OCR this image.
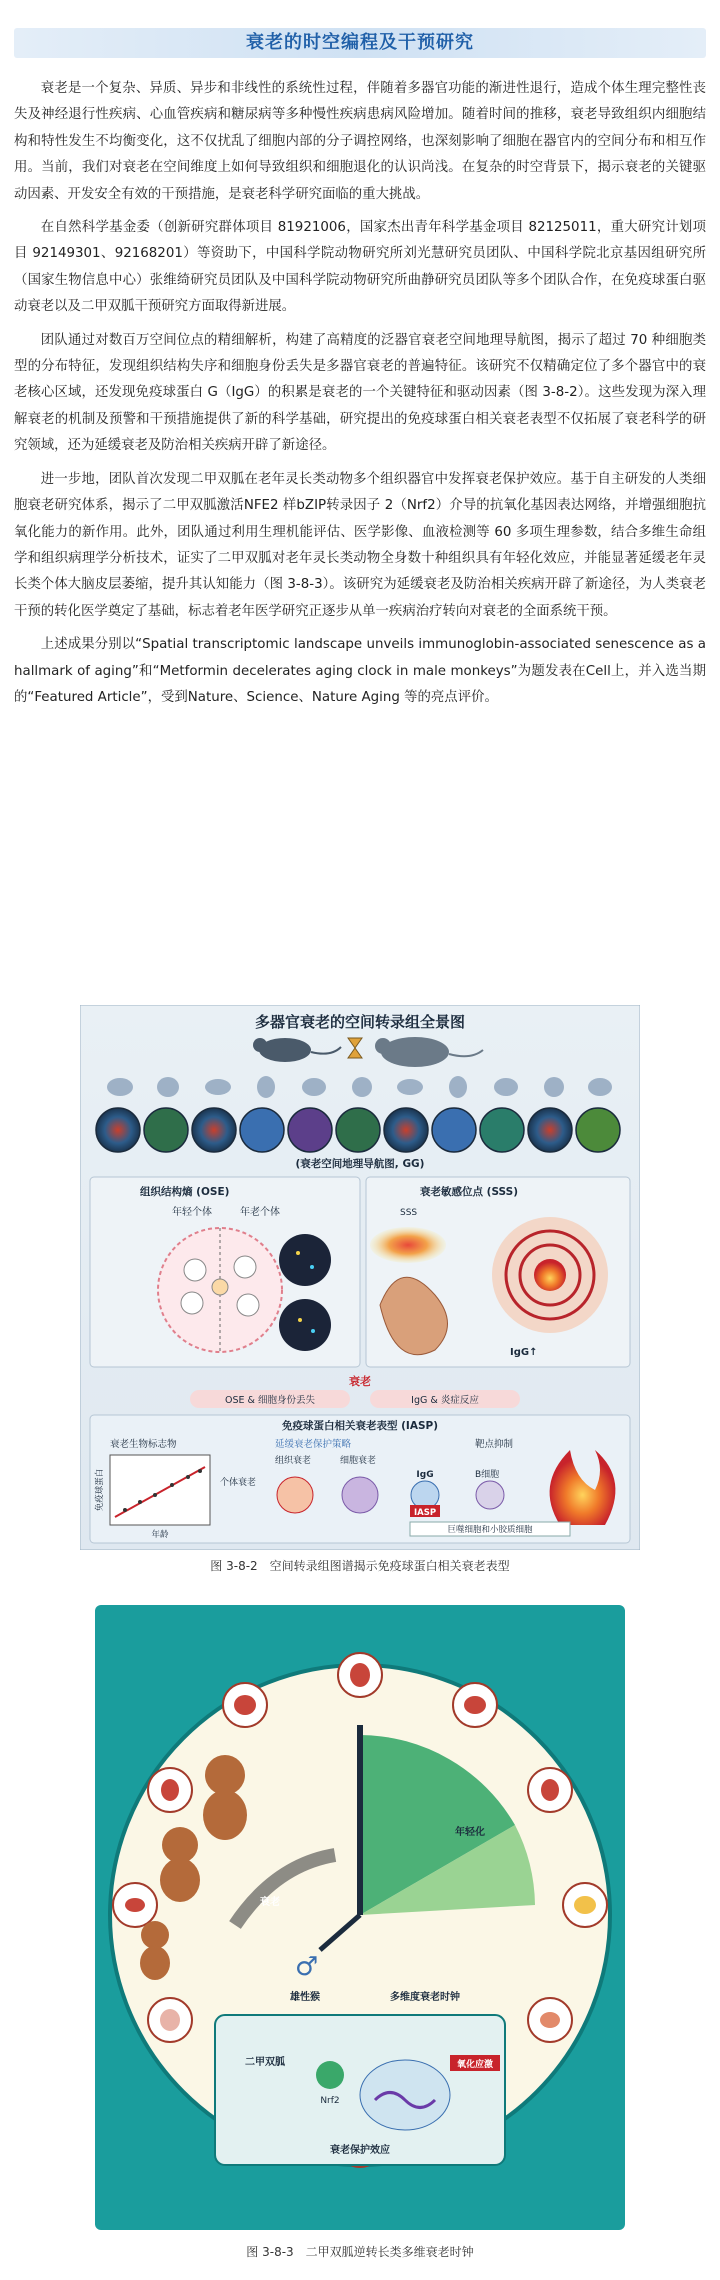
衰老的时空编程及干预研究

衰老是一个复杂、异质、异步和非线性的系统性过程，伴随着多器官功能的渐进性退行，造成个体生理完整性丧失及神经退行性疾病、心血管疾病和糖尿病等多种慢性疾病患病风险增加。随着时间的推移，衰老导致组织内细胞结构和特性发生不均衡变化，这不仅扰乱了细胞内部的分子调控网络，也深刻影响了细胞在器官内的空间分布和相互作用。当前，我们对衰老在空间维度上如何导致组织和细胞退化的认识尚浅。在复杂的时空背景下，揭示衰老的关键驱动因素、开发安全有效的干预措施，是衰老科学研究面临的重大挑战。

在自然科学基金委（创新研究群体项目 81921006，国家杰出青年科学基金项目 82125011，重大研究计划项目 92149301、92168201）等资助下，中国科学院动物研究所刘光慧研究员团队、中国科学院北京基因组研究所（国家生物信息中心）张维绮研究员团队及中国科学院动物研究所曲静研究员团队等多个团队合作，在免疫球蛋白驱动衰老以及二甲双胍干预研究方面取得新进展。

团队通过对数百万空间位点的精细解析，构建了高精度的泛器官衰老空间地理导航图，揭示了超过 70 种细胞类型的分布特征，发现组织结构失序和细胞身份丢失是多器官衰老的普遍特征。该研究不仅精确定位了多个器官中的衰老核心区域，还发现免疫球蛋白 G（IgG）的积累是衰老的一个关键特征和驱动因素（图 3-8-2）。这些发现为深入理解衰老的机制及预警和干预措施提供了新的科学基础，研究提出的免疫球蛋白相关衰老表型不仅拓展了衰老科学的研究领域，还为延缓衰老及防治相关疾病开辟了新途径。

进一步地，团队首次发现二甲双胍在老年灵长类动物多个组织器官中发挥衰老保护效应。基于自主研发的人类细胞衰老研究体系，揭示了二甲双胍激活NFE2 样bZIP转录因子 2（Nrf2）介导的抗氧化基因表达网络，并增强细胞抗氧化能力的新作用。此外，团队通过利用生理机能评估、医学影像、血液检测等 60 多项生理参数，结合多维生命组学和组织病理学分析技术，证实了二甲双胍对老年灵长类动物全身数十种组织具有年轻化效应，并能显著延缓老年灵长类个体大脑皮层萎缩，提升其认知能力（图 3-8-3）。该研究为延缓衰老及防治相关疾病开辟了新途径，为人类衰老干预的转化医学奠定了基础，标志着老年医学研究正逐步从单一疾病治疗转向对衰老的全面系统干预。

上述成果分别以“Spatial transcriptomic landscape unveils immunoglobin-associated senescence as a hallmark of aging”和“Metformin decelerates aging clock in male monkeys”为题发表在Cell上，并入选当期的“Featured Article”，受到Nature、Science、Nature Aging 等的亮点评价。

多器官衰老的空间转录组全景图
(衰老空间地理导航图, GG)
组织结构熵 (OSE)
年轻个体	年老个体
衰老敏感位点 (SSS)
SSS
IgG↑
衰老
OSE & 细胞身份丢失	IgG & 炎症反应
免疫球蛋白相关衰老表型 (IASP)
延缓衰老保护策略	靶点抑制
衰老生物标志物
免疫球蛋白
年龄
个体衰老
组织衰老	细胞衰老
IgG
IASP
B细胞
巨噬细胞和小胶质细胞
图 3-8-2　空间转录组图谱揭示免疫球蛋白相关衰老表型
衰老
年轻化
♂
雄性猴	多维度衰老时钟
二甲双胍
Nrf2
氧化应激
衰老保护效应
图 3-8-3　二甲双胍逆转长类多维衰老时钟
